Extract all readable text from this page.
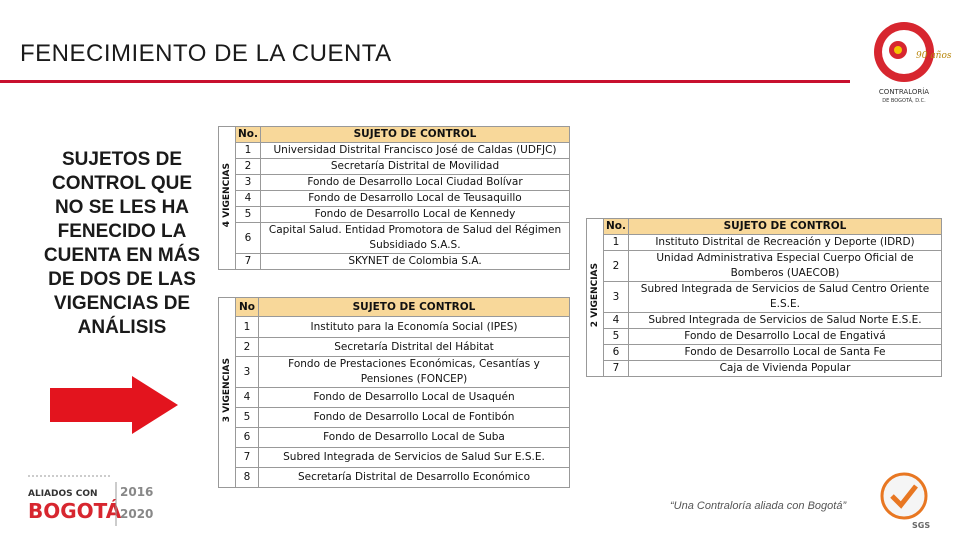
FENECIMIENTO DE LA CUENTA	90 años
CONTRALORÍA
DE BOGOTÁ, D.C.
SUJETOS DE CONTROL QUE NO SE LES HA FENECIDO LA CUENTA EN MÁS DE DOS DE LAS VIGENCIAS DE ANÁLISIS
4 VIGENCIAS	No.	SUJETO DE CONTROL
	1	Universidad Distrital Francisco José de Caldas (UDFJC)
	2	Secretaría Distrital de Movilidad
	3	Fondo de Desarrollo Local Ciudad Bolívar
	4	Fondo de Desarrollo Local de Teusaquillo
	5	Fondo de Desarrollo Local de Kennedy
	6	Capital Salud. Entidad Promotora de Salud del Régimen Subsidiado S.A.S.
	7	SKYNET de Colombia S.A.
3 VIGENCIAS	No	SUJETO DE CONTROL
	1	Instituto para la Economía Social (IPES)
	2	Secretaría Distrital del Hábitat
	3	Fondo de Prestaciones Económicas, Cesantías y Pensiones (FONCEP)
	4	Fondo de Desarrollo Local de Usaquén
	5	Fondo de Desarrollo Local de Fontibón
	6	Fondo de Desarrollo Local de Suba
	7	Subred Integrada de Servicios de Salud Sur E.S.E.
	8	Secretaría Distrital de Desarrollo Económico
2 VIGENCIAS	No.	SUJETO DE CONTROL
	1	Instituto Distrital de Recreación y Deporte (IDRD)
	2	Unidad Administrativa Especial Cuerpo Oficial de Bomberos (UAECOB)
	3	Subred Integrada de Servicios de Salud Centro Oriente E.S.E.
	4	Subred Integrada de Servicios de Salud Norte E.S.E.
	5	Fondo de Desarrollo Local de Engativá
	6	Fondo de Desarrollo Local de Santa Fe
	7	Caja de Vivienda Popular
ALIADOS CON
BOGOTÁ
2016
2020
“Una Contraloría aliada con Bogotá”
SGS
